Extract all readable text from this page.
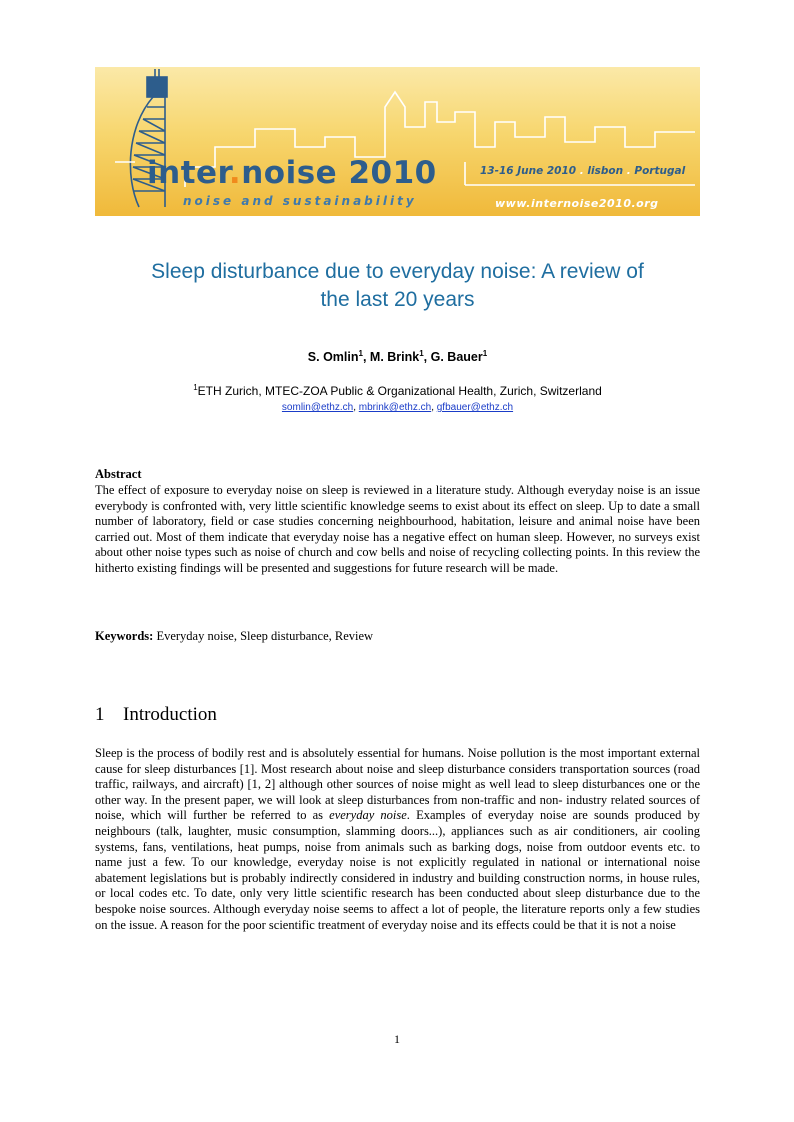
inter.noise 2010
noise and sustainability
13-16 June 2010 . lisbon . Portugal
www.internoise2010.org
Sleep disturbance due to everyday noise: A review of
the last 20 years
S. Omlin$^1$, M. Brink$^1$, G. Bauer$^1$
$^1$ETH Zurich, MTEC-ZOA Public & Organizational Health, Zurich, Switzerland
somlin@ethz.ch, mbrink@ethz.ch, gfbauer@ethz.ch
Abstract
The effect of exposure to everyday noise on sleep is reviewed in a literature study. Although everyday noise is an issue everybody is confronted with, very little scientific knowledge seems to exist about its effect on sleep. Up to date a small number of laboratory, field or case studies concerning neighbourhood, habitation, leisure and animal noise have been carried out. Most of them indicate that everyday noise has a negative effect on human sleep. However, no surveys exist about other noise types such as noise of church and cow bells and noise of recycling collecting points. In this review the hitherto existing findings will be presented and suggestions for future research will be made.
Keywords: Everyday noise, Sleep disturbance, Review
1 Introduction
Sleep is the process of bodily rest and is absolutely essential for humans. Noise pollution is the most important external cause for sleep disturbances [1]. Most research about noise and sleep disturbance considers transportation sources (road traffic, railways, and aircraft) [1, 2] although other sources of noise might as well lead to sleep disturbances one or the other way. In the present paper, we will look at sleep disturbances from non-traffic and non- industry related sources of noise, which will further be referred to as everyday noise. Examples of everyday noise are sounds produced by neighbours (talk, laughter, music consumption, slamming doors...), appliances such as air conditioners, air cooling systems, fans, ventilations, heat pumps, noise from animals such as barking dogs, noise from outdoor events etc. to name just a few. To our knowledge, everyday noise is not explicitly regulated in national or international noise abatement legislations but is probably indirectly considered in industry and building construction norms, in house rules, or local codes etc. To date, only very little scientific research has been conducted about sleep disturbance due to the bespoke noise sources. Although everyday noise seems to affect a lot of people, the literature reports only a few studies on the issue. A reason for the poor scientific treatment of everyday noise and its effects could be that it is not a noise
1
